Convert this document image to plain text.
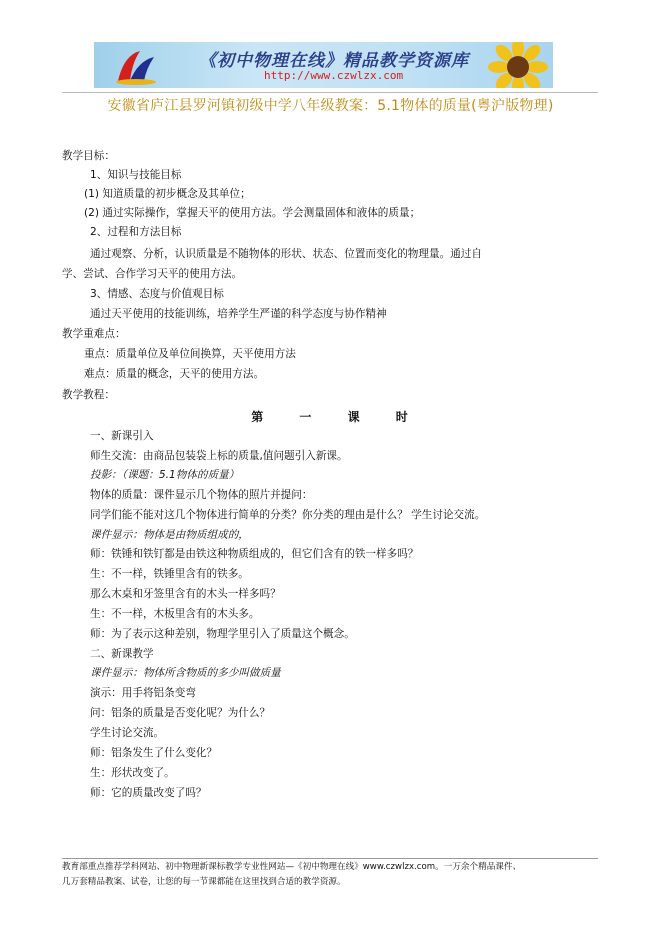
《初中物理在线》精品教学资源库
http://www.czwlzx.com
安徽省庐江县罗河镇初级中学八年级教案：5.1物体的质量(粤沪版物理)
教学目标：
1、知识与技能目标
(1) 知道质量的初步概念及其单位；
(2) 通过实际操作，掌握天平的使用方法。学会测量固体和液体的质量；
2、过程和方法目标
通过观察、分析，认识质量是不随物体的形状、状态、位置而变化的物理量。通过自
学、尝试、合作学习天平的使用方法。
3、情感、态度与价值观目标
通过天平使用的技能训练，培养学生严谨的科学态度与协作精神
教学重难点：
重点：质量单位及单位间换算，天平使用方法
难点：质量的概念，天平的使用方法。
教学教程：
第	一	课	时
一、新课引入
师生交流：由商品包装袋上标的质量,值问题引入新课。
投影：（课题：5.1物体的质量）
物体的质量：课件显示几个物体的照片并提问：
同学们能不能对这几个物体进行简单的分类？你分类的理由是什么？ 学生讨论交流。
课件显示：物体是由物质组成的，
师：铁锤和铁钉都是由铁这种物质组成的，但它们含有的铁一样多吗？
生：不一样，铁锤里含有的铁多。
那么木桌和牙签里含有的木头一样多吗？
生：不一样，木板里含有的木头多。
师：为了表示这种差别，物理学里引入了质量这个概念。
二、新课教学
课件显示：物体所含物质的多少叫做质量
演示：用手将铝条变弯
问：铝条的质量是否变化呢？为什么？
学生讨论交流。
师：铝条发生了什么变化？
生：形状改变了。
师：它的质量改变了吗？
教育部重点推荐学科网站、初中物理新课标教学专业性网站—《初中物理在线》www.czwlzx.com。一万余个精品课件、
几万套精品教案、试卷，让您的每一节课都能在这里找到合适的教学资源。
